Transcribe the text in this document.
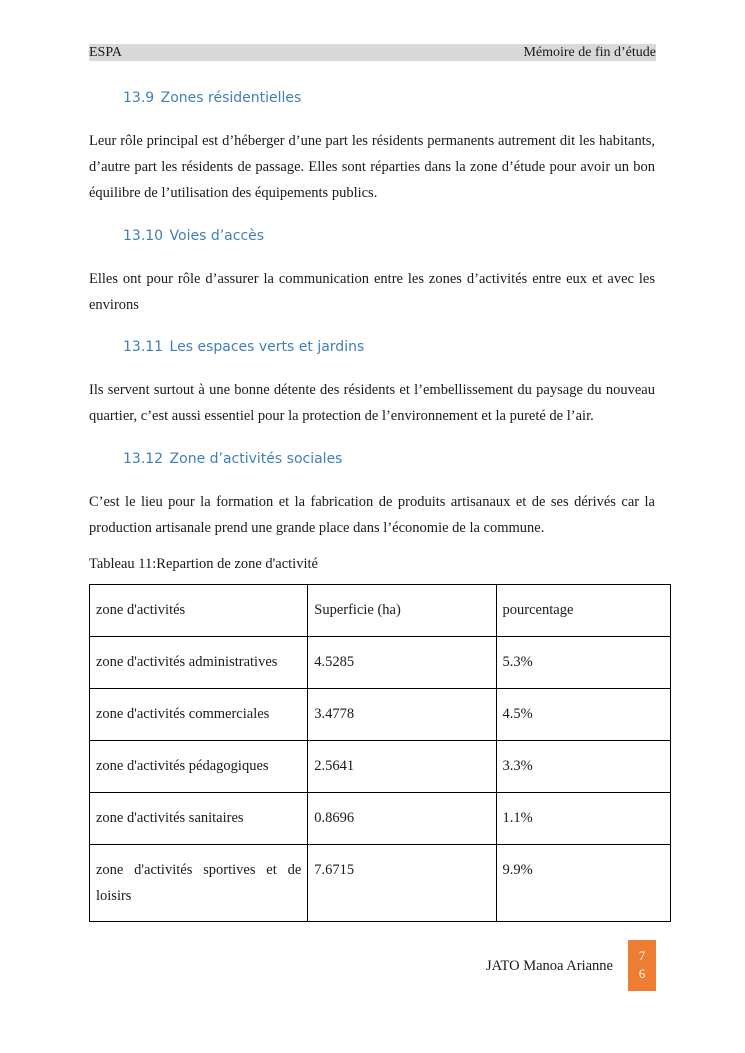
ESPA	Mémoire de fin d’étude
13.9 Zones résidentielles

Leur rôle principal est d’héberger d’une part les résidents permanents autrement dit les habitants, d’autre part les résidents de passage. Elles sont réparties dans la zone d’étude pour avoir un bon équilibre de l’utilisation des équipements publics.

13.10 Voies d’accès

Elles ont pour rôle d’assurer la communication entre les zones d’activités entre eux et avec les environs

13.11 Les espaces verts et jardins

Ils servent surtout à une bonne détente des résidents et l’embellissement du paysage du nouveau quartier, c’est aussi essentiel pour la protection de l’environnement et la pureté de l’air.

13.12 Zone d’activités sociales

C’est le lieu pour la formation et la fabrication de produits artisanaux et de ses dérivés car la production artisanale prend une grande place dans l’économie de la commune.

Tableau 11:Repartion de zone d'activité

zone d'activités	Superficie (ha)	pourcentage
zone d'activités administratives	4.5285	5.3%
zone d'activités commerciales	3.4778	4.5%
zone d'activités pédagogiques	2.5641	3.3%
zone d'activités sanitaires	0.8696	1.1%
zone d'activités sportives et de loisirs	7.6715	9.9%
JATO Manoa Arianne
7
6
